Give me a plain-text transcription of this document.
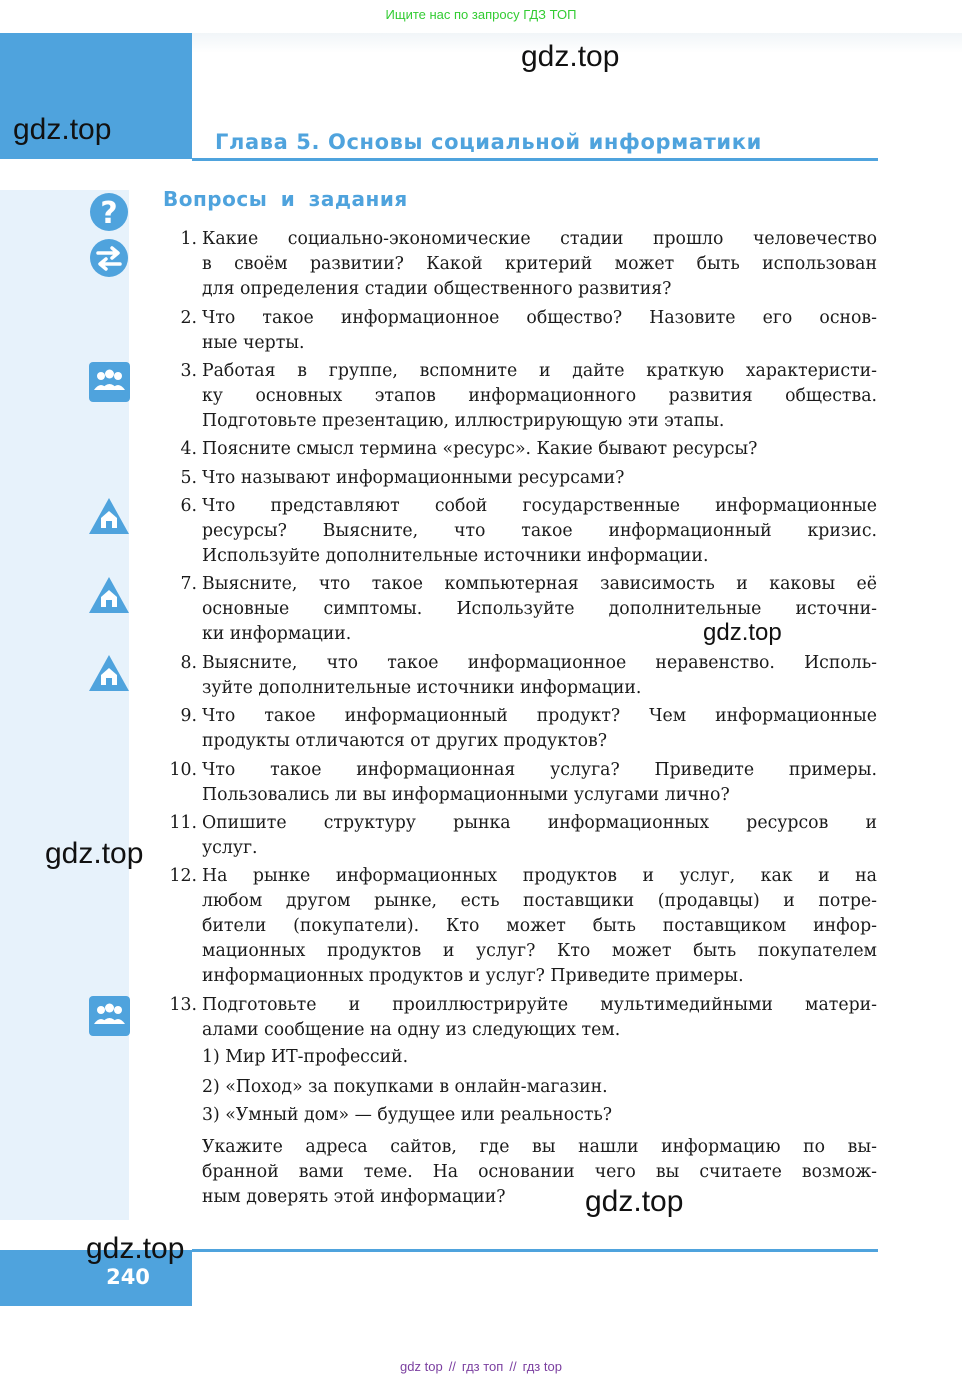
Ищите нас по запросу ГДЗ ТОП
Глава 5. Основы социальной информатики
Вопросы и задания
?
1. Какие социально-экономические стадии прошло человечество
в своём развитии? Какой критерий может быть использован
для определения стадии общественного развития?
2. Что такое информационное общество? Назовите его основ-
ные черты.
3. Работая в группе, вспомните и дайте краткую характеристи-
ку основных этапов информационного развития общества.
Подготовьте презентацию, иллюстрирующую эти этапы.
4. Поясните смысл термина «ресурс». Какие бывают ресурсы?
5. Что называют информационными ресурсами?
6. Что представляют собой государственные информационные
ресурсы? Выясните, что такое информационный кризис.
Используйте дополнительные источники информации.
7. Выясните, что такое компьютерная зависимость и каковы её
основные симптомы. Используйте дополнительные источни-
ки информации.
8. Выясните, что такое информационное неравенство. Исполь-
зуйте дополнительные источники информации.
9. Что такое информационный продукт? Чем информационные
продукты отличаются от других продуктов?
10. Что такое информационная услуга? Приведите примеры.
Пользовались ли вы информационными услугами лично?
11. Опишите структуру рынка информационных ресурсов и
услуг.
12. На рынке информационных продуктов и услуг, как и на
любом другом рынке, есть поставщики (продавцы) и потре-
бители (покупатели). Кто может быть поставщиком инфор-
мационных продуктов и услуг? Кто может быть покупателем
информационных продуктов и услуг? Приведите примеры.
13. Подготовьте и проиллюстрируйте мультимедийными матери-
алами сообщение на одну из следующих тем.
1) Мир ИТ-профессий.
2) «Поход» за покупками в онлайн-магазин.
3) «Умный дом» — будущее или реальность?
Укажите адреса сайтов, где вы нашли информацию по вы-
бранной вами теме. На основании чего вы считаете возмож-
ным доверять этой информации?
240
gdz.top
gdz.top
gdz.top
gdz.top
gdz.top
gdz.top
gdz top // гдз топ // гдз top
